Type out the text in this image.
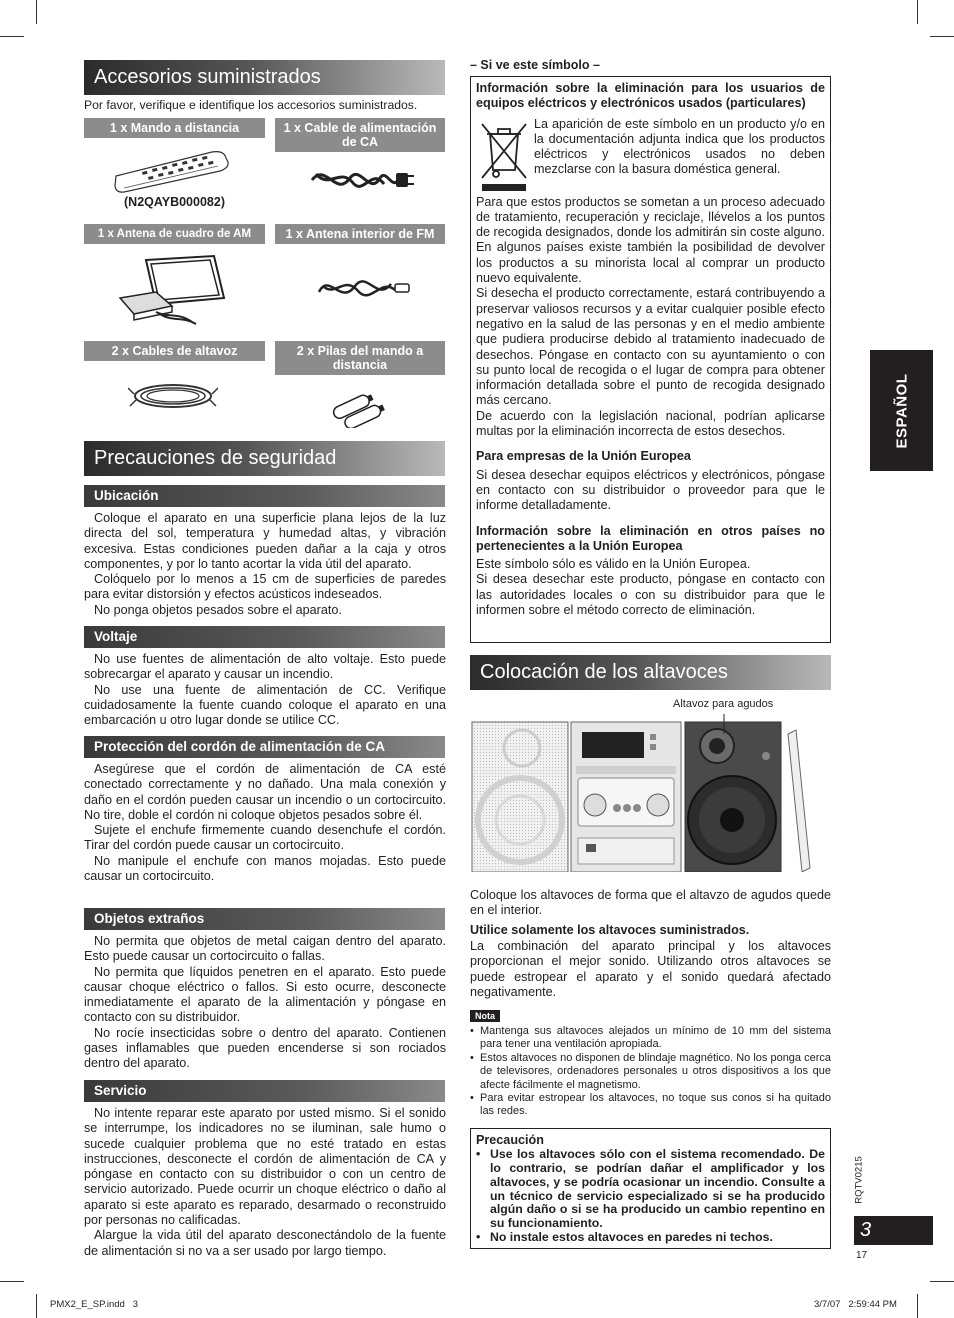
Accesorios suministrados
Por favor, verifique e identifique los accesorios suministrados.
1 x Mando a distancia	1 x Cable de alimentación de CA
(N2QAYB000082)
1 x Antena de cuadro de AM	1 x Antena interior de FM
2 x Cables de altavoz	2 x Pilas del mando a distancia
Precauciones de seguridad
Ubicación

Coloque el aparato en una superficie plana lejos de la luz directa del sol, temperatura y humedad altas, y vibración excesiva. Estas condiciones pueden dañar a la caja y otros componentes, y por lo tanto acortar la vida útil del aparato.

Colóquelo por lo menos a 15 cm de superficies de paredes para evitar distorsión y efectos acústicos indeseados.

No ponga objetos pesados sobre el aparato.

Voltaje

No use fuentes de alimentación de alto voltaje. Esto puede sobrecargar el aparato y causar un incendio.

No use una fuente de alimentación de CC. Verifique cuidadosamente la fuente cuando coloque el aparato en una embarcación u otro lugar donde se utilice CC.

Protección del cordón de alimentación de CA

Asegúrese que el cordón de alimentación de CA esté conectado correctamente y no dañado. Una mala conexión y daño en el cordón pueden causar un incendio o un cortocircuito. No tire, doble el cordón ni coloque objetos pesados sobre él.

Sujete el enchufe firmemente cuando desenchufe el cordón. Tirar del cordón puede causar un cortocircuito.

No manipule el enchufe con manos mojadas. Esto puede causar un cortocircuito.

Objetos extraños

No permita que objetos de metal caigan dentro del aparato. Esto puede causar un cortocircuito o fallas.

No permita que líquidos penetren en el aparato. Esto puede causar choque eléctrico o fallos. Si esto ocurre, desconecte inmediatamente el aparato de la alimentación y póngase en contacto con su distribuidor.

No rocíe insecticidas sobre o dentro del aparato. Contienen gases inflamables que pueden encenderse si son rociados dentro del aparato.

Servicio

No intente reparar este aparato por usted mismo. Si el sonido se interrumpe, los indicadores no se iluminan, sale humo o sucede cualquier problema que no esté tratado en estas instrucciones, desconecte el cordón de alimentación de CA y póngase en contacto con su distribuidor o con un centro de servicio autorizado. Puede ocurrir un choque eléctrico o daño al aparato si este aparato es reparado, desarmado o reconstruido por personas no calificadas.

Alargue la vida útil del aparato desconectándolo de la fuente de alimentación si no va a ser usado por largo tiempo.

– Si ve este símbolo –
Información sobre la eliminación para los usuarios de equipos eléctricos y electrónicos usados (particulares)
La aparición de este símbolo en un producto y/o en la documentación adjunta indica que los productos eléctricos y electrónicos usados no deben mezclarse con la basura doméstica general.

Para que estos productos se sometan a un proceso adecuado de tratamiento, recuperación y reciclaje, llévelos a los puntos de recogida designados, donde los admitirán sin coste alguno. En algunos países existe también la posibilidad de devolver los productos a su minorista local al comprar un producto nuevo equivalente.

Si desecha el producto correctamente, estará contribuyendo a preservar valiosos recursos y a evitar cualquier posible efecto negativo en la salud de las personas y en el medio ambiente que pudiera producirse debido al tratamiento inadecuado de desechos. Póngase en contacto con su ayuntamiento o con su punto local de recogida o el lugar de compra para obtener información detallada sobre el punto de recogida designado más cercano.

De acuerdo con la legislación nacional, podrían aplicarse multas por la eliminación incorrecta de estos desechos.

Para empresas de la Unión Europea
Si desea desechar equipos eléctricos y electrónicos, póngase en contacto con su distribuidor o proveedor para que le informe detalladamente.
Información sobre la eliminación en otros países no pertenecientes a la Unión Europea
Este símbolo sólo es válido en la Unión Europea.
Si desea desechar este producto, póngase en contacto con las autoridades locales o con su distribuidor para que le informen sobre el método correcto de eliminación.
Colocación de los altavoces
Altavoz para agudos
Coloque los altavoces de forma que el altavzo de agudos quede en el interior.
Utilice solamente los altavoces suministrados.
La combinación del aparato principal y los altavoces proporcionan el mejor sonido. Utilizando otros altavoces se puede estropear el aparato y el sonido quedará afectado negativamente.
Nota
• Mantenga sus altavoces alejados un mínimo de 10 mm del sistema para tener una ventilación apropiada.
• Estos altavoces no disponen de blindaje magnético. No los ponga cerca de televisores, ordenadores personales u otros dispositivos a los que afecte fácilmente el magnetismo.
• Para evitar estropear los altavoces, no toque sus conos si ha quitado las redes.
Precaución
• Use los altavoces sólo con el sistema recomendado. De lo contrario, se podrían dañar el amplificador y los altavoces, y se podría ocasionar un incendio. Consulte a un técnico de servicio especializado si se ha producido algún daño o si se ha producido un cambio repentino en su funcionamiento.
• No instale estos altavoces en paredes ni techos.
ESPAÑOL
RQTV0215
3
17
PMX2_E_SP.indd   3	3/7/07   2:59:44 PM
